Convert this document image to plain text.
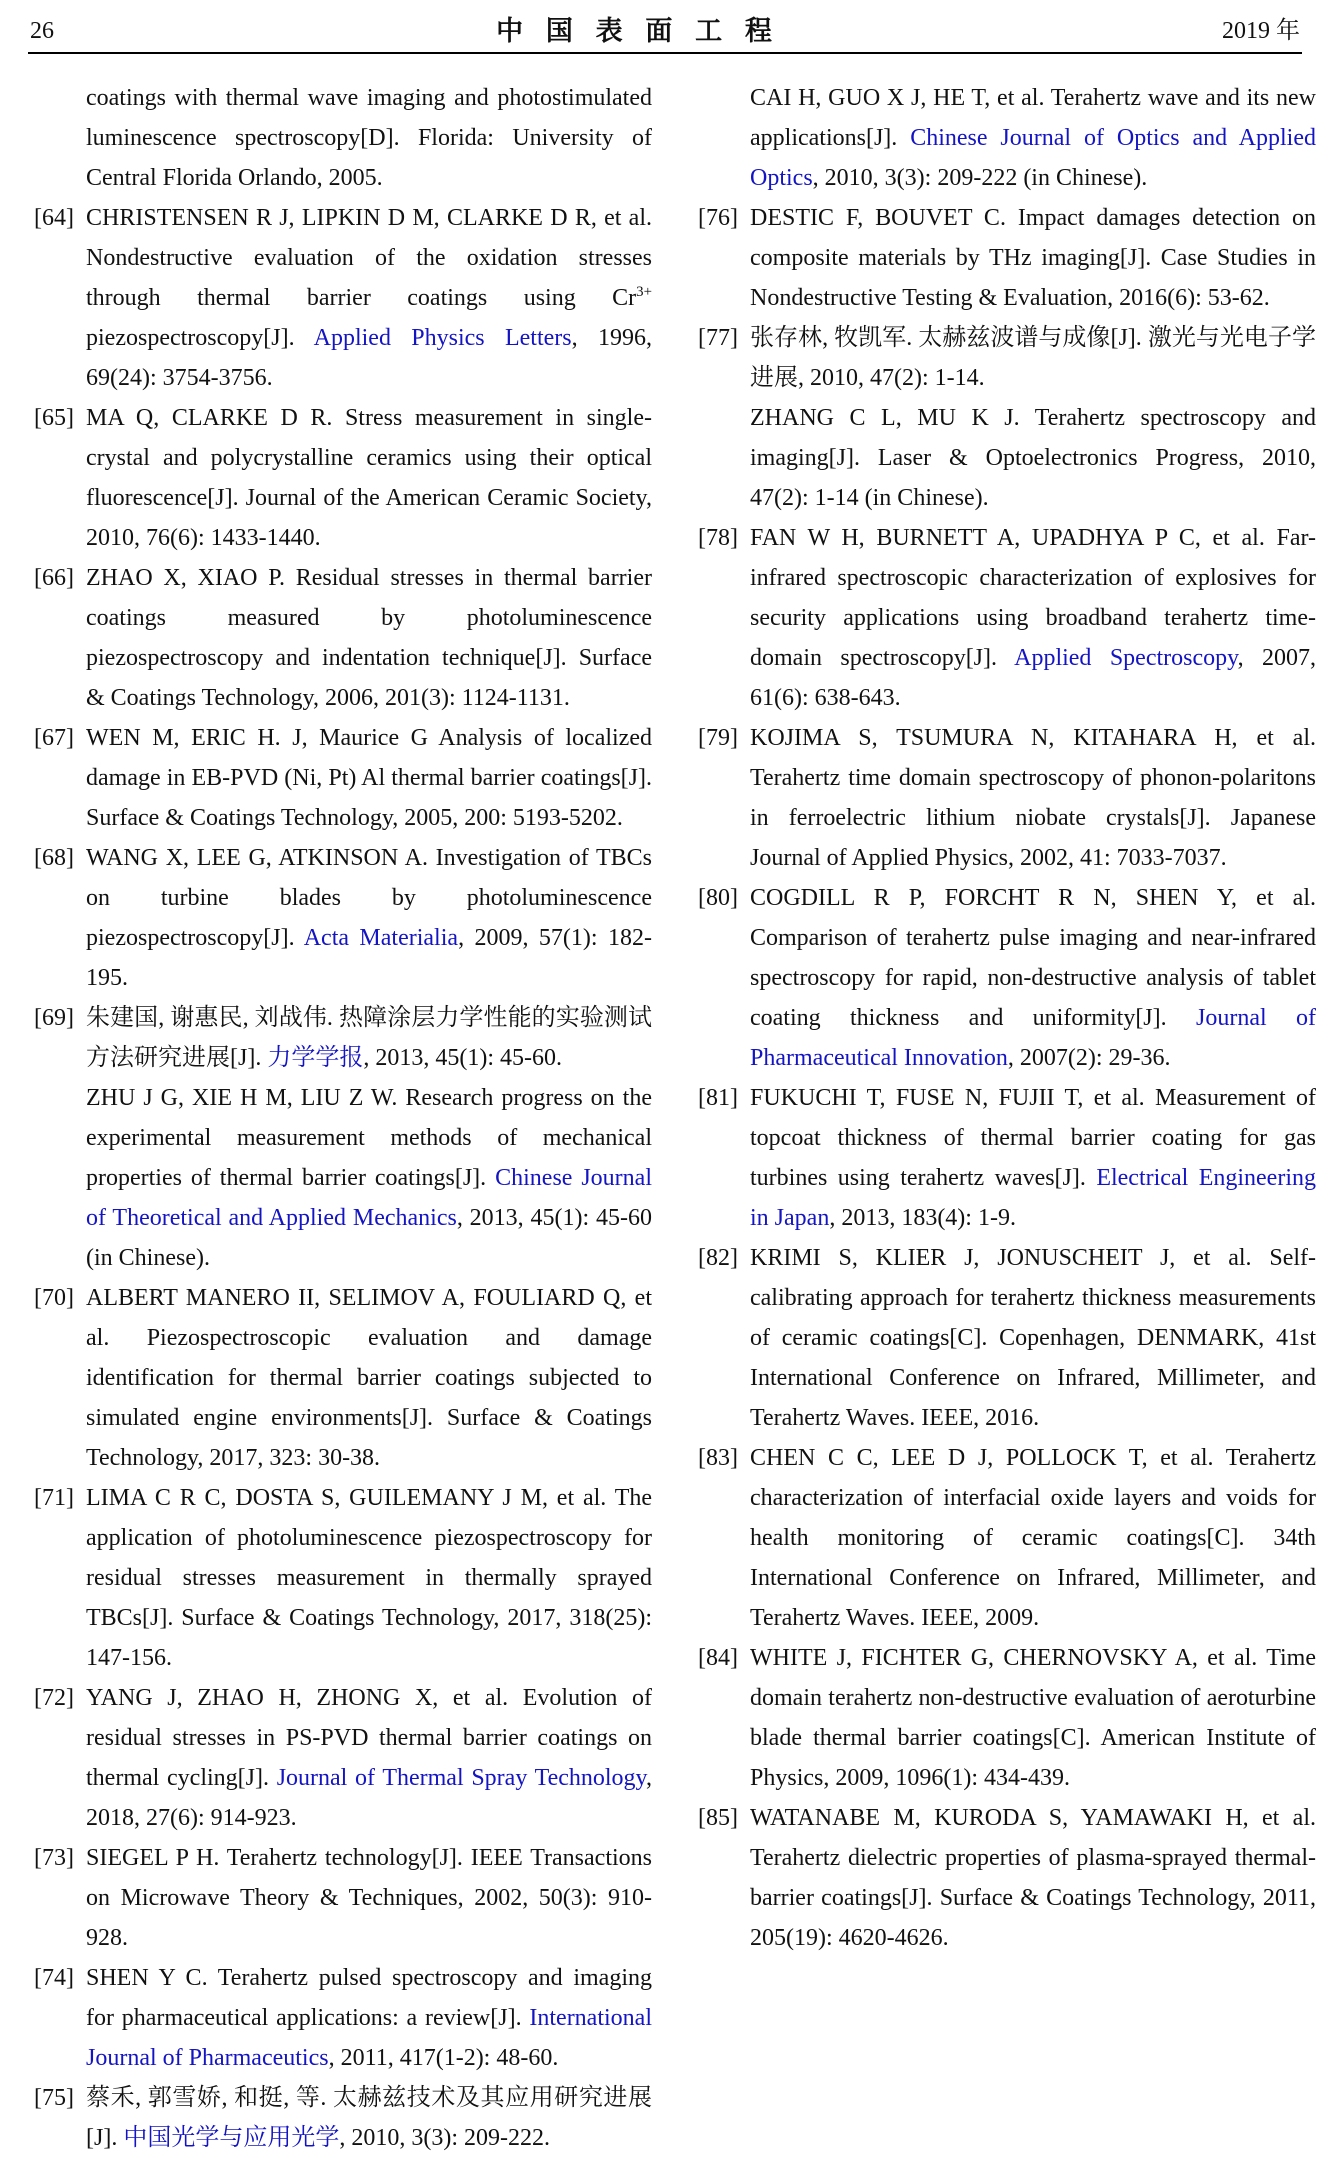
26	中 国 表 面 工 程	2019 年

coatings with thermal wave imaging and photostimulated luminescence spectroscopy[D]. Florida: University of Central Florida Orlando, 2005.

[64] CHRISTENSEN R J, LIPKIN D M, CLARKE D R, et al. Nondestructive evaluation of the oxidation stresses through thermal barrier coatings using $Cr^{3+}$ piezospectroscopy[J]. Applied Physics Letters, 1996, 69(24): 3754-3756.

[65] MA Q, CLARKE D R. Stress measurement in single-crystal and polycrystalline ceramics using their optical fluorescence[J]. Journal of the American Ceramic Society, 2010, 76(6): 1433-1440.

[66] ZHAO X, XIAO P. Residual stresses in thermal barrier coatings measured by photoluminescence piezospectroscopy and indentation technique[J]. Surface & Coatings Technology, 2006, 201(3): 1124-1131.

[67] WEN M, ERIC H. J, Maurice G Analysis of localized damage in EB-PVD (Ni, Pt) Al thermal barrier coatings[J]. Surface & Coatings Technology, 2005, 200: 5193-5202.

[68] WANG X, LEE G, ATKINSON A. Investigation of TBCs on turbine blades by photoluminescence piezospectroscopy[J]. Acta Materialia, 2009, 57(1): 182-195.

[69] 朱建国, 谢惠民, 刘战伟. 热障涂层力学性能的实验测试方法研究进展[J]. 力学学报, 2013, 45(1): 45-60.

ZHU J G, XIE H M, LIU Z W. Research progress on the experimental measurement methods of mechanical properties of thermal barrier coatings[J]. Chinese Journal of Theoretical and Applied Mechanics, 2013, 45(1): 45-60 (in Chinese).

[70] ALBERT MANERO II, SELIMOV A, FOULIARD Q, et al. Piezospectroscopic evaluation and damage identification for thermal barrier coatings subjected to simulated engine environments[J]. Surface & Coatings Technology, 2017, 323: 30-38.

[71] LIMA C R C, DOSTA S, GUILEMANY J M, et al. The application of photoluminescence piezospectroscopy for residual stresses measurement in thermally sprayed TBCs[J]. Surface & Coatings Technology, 2017, 318(25): 147-156.

[72] YANG J, ZHAO H, ZHONG X, et al. Evolution of residual stresses in PS-PVD thermal barrier coatings on thermal cycling[J]. Journal of Thermal Spray Technology, 2018, 27(6): 914-923.

[73] SIEGEL P H. Terahertz technology[J]. IEEE Transactions on Microwave Theory & Techniques, 2002, 50(3): 910-928.

[74] SHEN Y C. Terahertz pulsed spectroscopy and imaging for pharmaceutical applications: a review[J]. International Journal of Pharmaceutics, 2011, 417(1-2): 48-60.

[75] 蔡禾, 郭雪娇, 和挺, 等. 太赫兹技术及其应用研究进展[J]. 中国光学与应用光学, 2010, 3(3): 209-222.

CAI H, GUO X J, HE T, et al. Terahertz wave and its new applications[J]. Chinese Journal of Optics and Applied Optics, 2010, 3(3): 209-222 (in Chinese).

[76] DESTIC F, BOUVET C. Impact damages detection on composite materials by THz imaging[J]. Case Studies in Nondestructive Testing & Evaluation, 2016(6): 53-62.

[77] 张存林, 牧凯军. 太赫兹波谱与成像[J]. 激光与光电子学进展, 2010, 47(2): 1-14.

ZHANG C L, MU K J. Terahertz spectroscopy and imaging[J]. Laser & Optoelectronics Progress, 2010, 47(2): 1-14 (in Chinese).

[78] FAN W H, BURNETT A, UPADHYA P C, et al. Far-infrared spectroscopic characterization of explosives for security applications using broadband terahertz time-domain spectroscopy[J]. Applied Spectroscopy, 2007, 61(6): 638-643.

[79] KOJIMA S, TSUMURA N, KITAHARA H, et al. Terahertz time domain spectroscopy of phonon-polaritons in ferroelectric lithium niobate crystals[J]. Japanese Journal of Applied Physics, 2002, 41: 7033-7037.

[80] COGDILL R P, FORCHT R N, SHEN Y, et al. Comparison of terahertz pulse imaging and near-infrared spectroscopy for rapid, non-destructive analysis of tablet coating thickness and uniformity[J]. Journal of Pharmaceutical Innovation, 2007(2): 29-36.

[81] FUKUCHI T, FUSE N, FUJII T, et al. Measurement of topcoat thickness of thermal barrier coating for gas turbines using terahertz waves[J]. Electrical Engineering in Japan, 2013, 183(4): 1-9.

[82] KRIMI S, KLIER J, JONUSCHEIT J, et al. Self-calibrating approach for terahertz thickness measurements of ceramic coatings[C]. Copenhagen, DENMARK, 41st International Conference on Infrared, Millimeter, and Terahertz Waves. IEEE, 2016.

[83] CHEN C C, LEE D J, POLLOCK T, et al. Terahertz characterization of interfacial oxide layers and voids for health monitoring of ceramic coatings[C]. 34th International Conference on Infrared, Millimeter, and Terahertz Waves. IEEE, 2009.

[84] WHITE J, FICHTER G, CHERNOVSKY A, et al. Time domain terahertz non-destructive evaluation of aeroturbine blade thermal barrier coatings[C]. American Institute of Physics, 2009, 1096(1): 434-439.

[85] WATANABE M, KURODA S, YAMAWAKI H, et al. Terahertz dielectric properties of plasma-sprayed thermal-barrier coatings[J]. Surface & Coatings Technology, 2011, 205(19): 4620-4626.
